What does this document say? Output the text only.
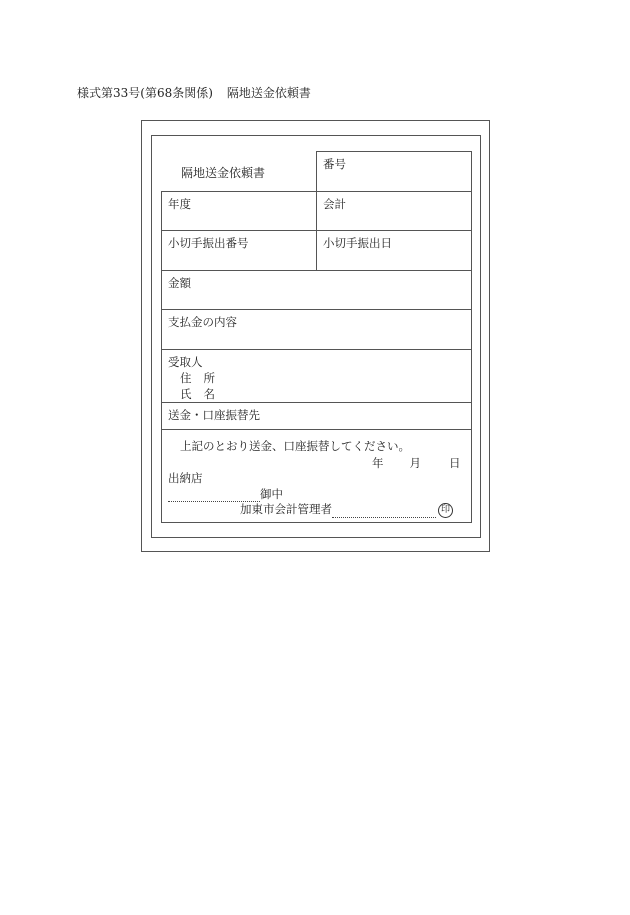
様式第33号(第68条関係) 隔地送金依頼書
隔地送金依頼書
番号
年度	会計
小切手振出番号	小切手振出日
金額
支払金の内容
受取人
住 所
氏 名
送金・口座振替先
上記のとおり送金、口座振替してください。
年 月 日
出納店
御中
加東市会計管理者	印
